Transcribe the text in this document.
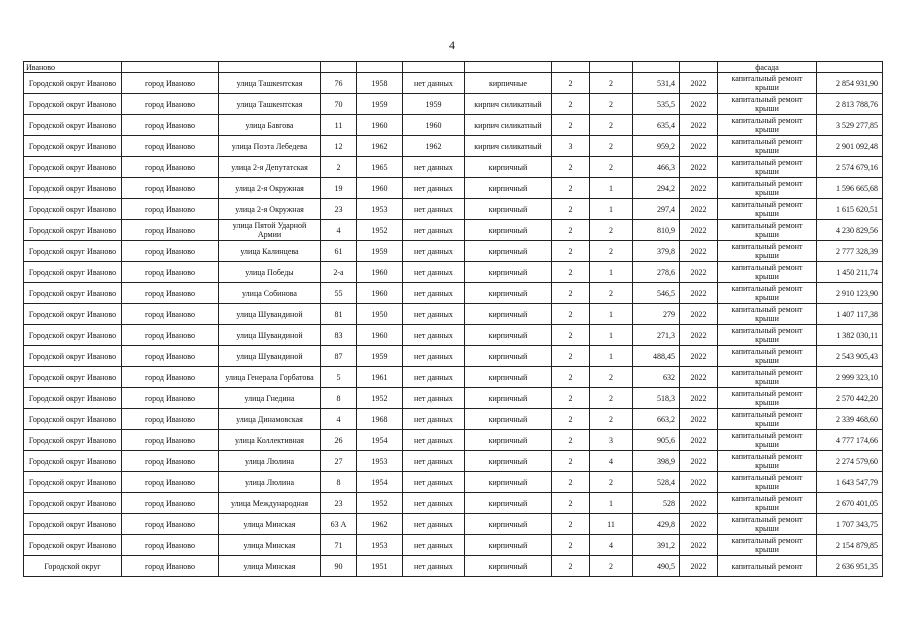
4
Иваново											фасада	
Городской округ Иваново	город Иваново	улица Ташкентская	76	1958	нет данных	кирпичные	2	2	531,4	2022	капитальный ремонт крыши	2 854 931,90
Городской округ Иваново	город Иваново	улица Ташкентская	70	1959	1959	кирпич силикатный	2	2	535,5	2022	капитальный ремонт крыши	2 813 788,76
Городской округ Иваново	город Иваново	улица Бавгова	11	1960	1960	кирпич силикатный	2	2	635,4	2022	капитальный ремонт крыши	3 529 277,85
Городской округ Иваново	город Иваново	улица Поэта Лебедева	12	1962	1962	кирпич силикатный	3	2	959,2	2022	капитальный ремонт крыши	2 901 092,48
Городской округ Иваново	город Иваново	улица 2-я Депутатская	2	1965	нет данных	кирпичный	2	2	466,3	2022	капитальный ремонт крыши	2 574 679,16
Городской округ Иваново	город Иваново	улица 2-я Окружная	19	1960	нет данных	кирпичный	2	1	294,2	2022	капитальный ремонт крыши	1 596 665,68
Городской округ Иваново	город Иваново	улица 2-я Окружная	23	1953	нет данных	кирпичный	2	1	297,4	2022	капитальный ремонт крыши	1 615 620,51
Городской округ Иваново	город Иваново	улица Пятой Ударной Армии	4	1952	нет данных	кирпичный	2	2	810,9	2022	капитальный ремонт крыши	4 230 829,56
Городской округ Иваново	город Иваново	улица Калинцева	61	1959	нет данных	кирпичный	2	2	379,8	2022	капитальный ремонт крыши	2 777 328,39
Городской округ Иваново	город Иваново	улица Победы	2-а	1960	нет данных	кирпичный	2	1	278,6	2022	капитальный ремонт крыши	1 450 211,74
Городской округ Иваново	город Иваново	улица Собинова	55	1960	нет данных	кирпичный	2	2	546,5	2022	капитальный ремонт крыши	2 910 123,90
Городской округ Иваново	город Иваново	улица Шувандиной	81	1950	нет данных	кирпичный	2	1	279	2022	капитальный ремонт крыши	1 407 117,38
Городской округ Иваново	город Иваново	улица Шувандиной	83	1960	нет данных	кирпичный	2	1	271,3	2022	капитальный ремонт крыши	1 382 030,11
Городской округ Иваново	город Иваново	улица Шувандиной	87	1959	нет данных	кирпичный	2	1	488,45	2022	капитальный ремонт крыши	2 543 905,43
Городской округ Иваново	город Иваново	улица Генерала Горбатова	5	1961	нет данных	кирпичный	2	2	632	2022	капитальный ремонт крыши	2 999 323,10
Городской округ Иваново	город Иваново	улица Гнедина	8	1952	нет данных	кирпичный	2	2	518,3	2022	капитальный ремонт крыши	2 570 442,20
Городской округ Иваново	город Иваново	улица Динамовская	4	1968	нет данных	кирпичный	2	2	663,2	2022	капитальный ремонт крыши	2 339 468,60
Городской округ Иваново	город Иваново	улица Коллективная	26	1954	нет данных	кирпичный	2	3	905,6	2022	капитальный ремонт крыши	4 777 174,66
Городской округ Иваново	город Иваново	улица Люлина	27	1953	нет данных	кирпичный	2	4	398,9	2022	капитальный ремонт крыши	2 274 579,60
Городской округ Иваново	город Иваново	улица Люлина	8	1954	нет данных	кирпичный	2	2	528,4	2022	капитальный ремонт крыши	1 643 547,79
Городской округ Иваново	город Иваново	улица Международная	23	1952	нет данных	кирпичный	2	1	528	2022	капитальный ремонт крыши	2 670 401,05
Городской округ Иваново	город Иваново	улица Минская	63 А	1962	нет данных	кирпичный	2	11	429,8	2022	капитальный ремонт крыши	1 707 343,75
Городской округ Иваново	город Иваново	улица Минская	71	1953	нет данных	кирпичный	2	4	391,2	2022	капитальный ремонт крыши	2 154 879,85
Городской округ	город Иваново	улица Минская	90	1951	нет данных	кирпичный	2	2	490,5	2022	капитальный ремонт	2 636 951,35
